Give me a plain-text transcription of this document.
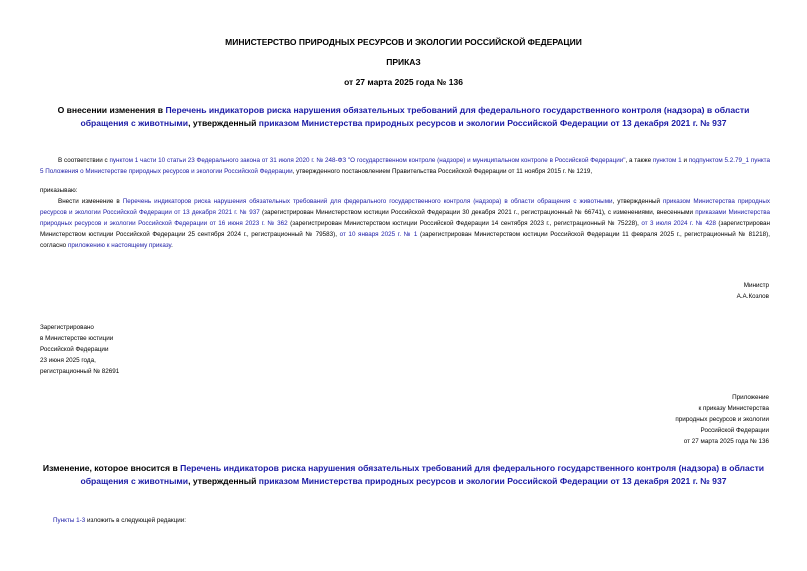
МИНИСТЕРСТВО ПРИРОДНЫХ РЕСУРСОВ И ЭКОЛОГИИ РОССИЙСКОЙ ФЕДЕРАЦИИ
ПРИКАЗ
от 27 марта 2025 года № 136
О внесении изменения в Перечень индикаторов риска нарушения обязательных требований для федерального государственного контроля (надзора) в области обращения с животными, утвержденный приказом Министерства природных ресурсов и экологии Российской Федерации от 13 декабря 2021 г. № 937
В соответствии с пунктом 1 части 10 статьи 23 Федерального закона от 31 июля 2020 г. № 248-ФЗ "О государственном контроле (надзоре) и муниципальном контроле в Российской Федерации", а также пунктом 1 и подпунктом 5.2.79_1 пункта 5 Положения о Министерстве природных ресурсов и экологии Российской Федерации, утвержденного постановлением Правительства Российской Федерации от 11 ноября 2015 г. № 1219,
приказываю:
Внести изменение в Перечень индикаторов риска нарушения обязательных требований для федерального государственного контроля (надзора) в области обращения с животными, утвержденный приказом Министерства природных ресурсов и экологии Российской Федерации от 13 декабря 2021 г. № 937 (зарегистрирован Министерством юстиции Российской Федерации 30 декабря 2021 г., регистрационный № 66741), с изменениями, внесенными приказами Министерства природных ресурсов и экологии Российской Федерации от 16 июня 2023 г. № 362 (зарегистрирован Министерством юстиции Российской Федерации 14 сентября 2023 г., регистрационный № 75228), от 3 июля 2024 г. № 428 (зарегистрирован Министерством юстиции Российской Федерации 25 сентября 2024 г., регистрационный № 79583), от 10 января 2025 г. № 1 (зарегистрирован Министерством юстиции Российской Федерации 11 февраля 2025 г., регистрационный № 81218), согласно приложению к настоящему приказу.
Министр
А.А.Козлов
Зарегистрировано
в Министерстве юстиции
Российской Федерации
23 июня 2025 года,
регистрационный № 82691
Приложение
к приказу Министерства
природных ресурсов и экологии
Российской Федерации
от 27 марта 2025 года № 136
Изменение, которое вносится в Перечень индикаторов риска нарушения обязательных требований для федерального государственного контроля (надзора) в области обращения с животными, утвержденный приказом Министерства природных ресурсов и экологии Российской Федерации от 13 декабря 2021 г. № 937
Пункты 1-3 изложить в следующей редакции:
